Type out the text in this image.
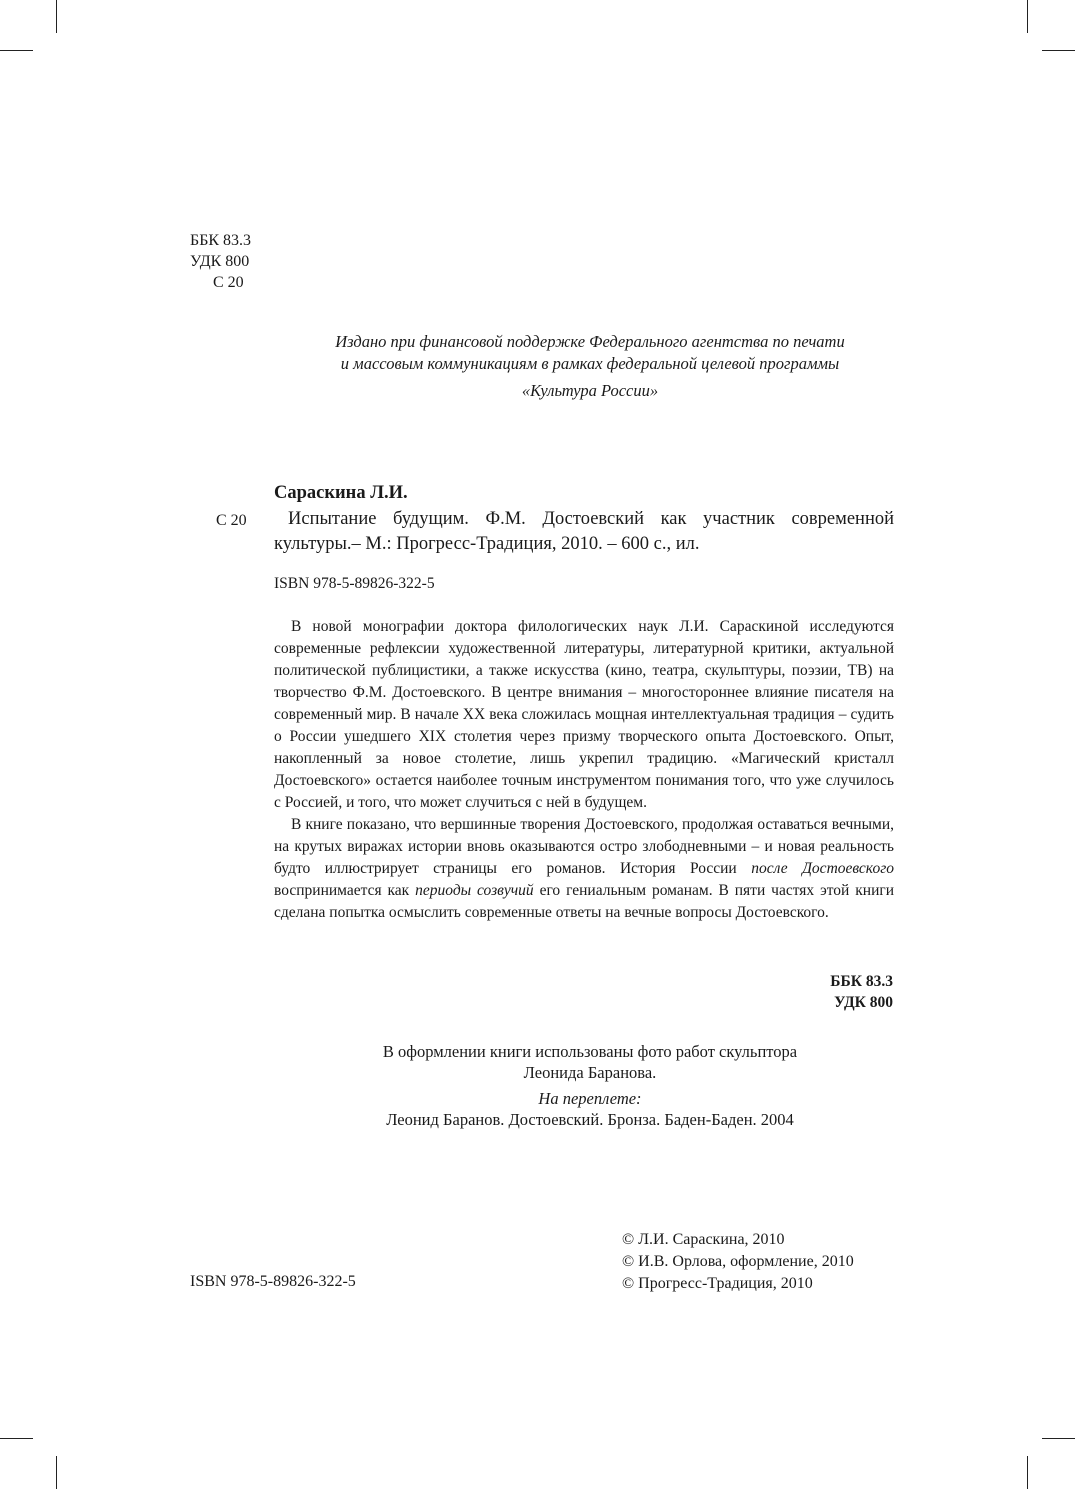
ББК 83.3
УДК 800
С 20
Издано при финансовой поддержке Федерального агентства по печати
и массовым коммуникациям в рамках федеральной целевой программы
«Культура России»
Сараскина Л.И.
С 20	Испытание будущим. Ф.М. Достоевский как участник современной культуры.– М.: Прогресс-Традиция, 2010. – 600 с., ил.
ISBN 978-5-89826-322-5

В новой монографии доктора филологических наук Л.И. Сараскиной исследуются современные рефлексии художественной литературы, литературной критики, актуальной политической публицистики, а также искусства (кино, театра, скульптуры, поэзии, ТВ) на творчество Ф.М. Достоевского. В центре внимания – многостороннее влияние писателя на современный мир. В начале XX века сложилась мощная интеллектуальная традиция – судить о России ушедшего XIX столетия через призму творческого опыта Достоевского. Опыт, накопленный за новое столетие, лишь укрепил традицию. «Магический кристалл Достоевского» остается наиболее точным инструментом понимания того, что уже случилось с Россией, и того, что может случиться с ней в будущем.

В книге показано, что вершинные творения Достоевского, продолжая оставаться вечными, на крутых виражах истории вновь оказываются остро злободневными – и новая реальность будто иллюстрирует страницы его романов. История России после Достоевского воспринимается как периоды созвучий его гениальным романам. В пяти частях этой книги сделана попытка осмыслить современные ответы на вечные вопросы Достоевского.

ББК 83.3
УДК 800
В оформлении книги использованы фото работ скульптора
Леонида Баранова.
На переплете:
Леонид Баранов. Достоевский. Бронза. Баден-Баден. 2004
ISBN 978-5-89826-322-5
© Л.И. Сараскина, 2010
© И.В. Орлова, оформление, 2010
© Прогресс-Традиция, 2010
